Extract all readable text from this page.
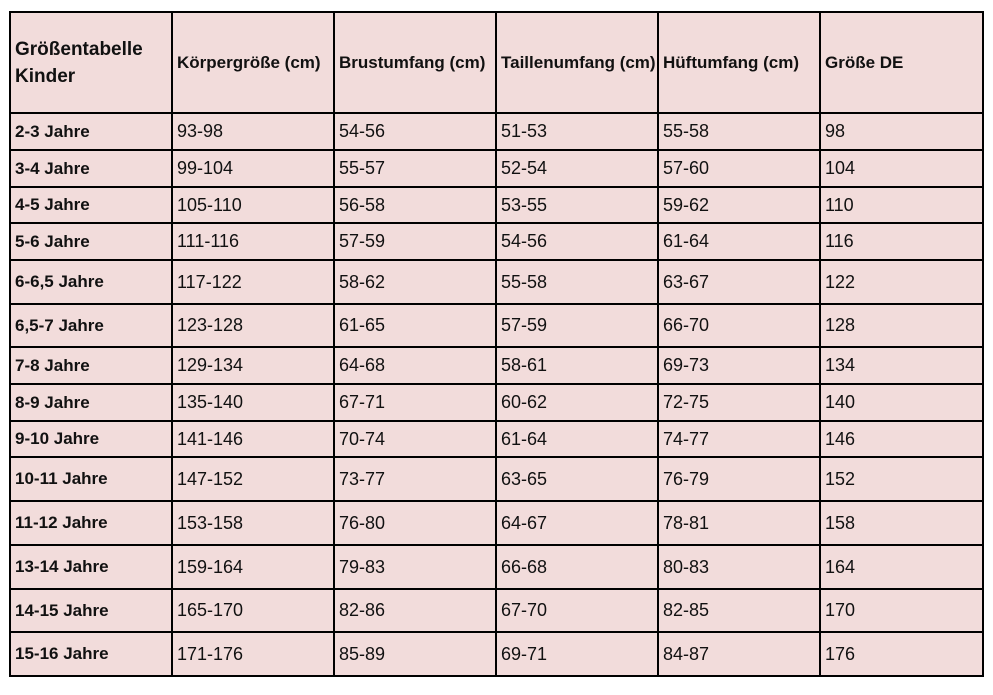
Größentabelle Kinder	Körpergröße (cm)	Brustumfang (cm)	Taillenumfang (cm)	Hüftumfang (cm)	Größe DE
2-3 Jahre	93-98	54-56	51-53	55-58	98
3-4 Jahre	99-104	55-57	52-54	57-60	104
4-5 Jahre	105-110	56-58	53-55	59-62	110
5-6 Jahre	111-116	57-59	54-56	61-64	116
6-6,5 Jahre	117-122	58-62	55-58	63-67	122
6,5-7 Jahre	123-128	61-65	57-59	66-70	128
7-8 Jahre	129-134	64-68	58-61	69-73	134
8-9 Jahre	135-140	67-71	60-62	72-75	140
9-10 Jahre	141-146	70-74	61-64	74-77	146
10-11 Jahre	147-152	73-77	63-65	76-79	152
11-12 Jahre	153-158	76-80	64-67	78-81	158
13-14 Jahre	159-164	79-83	66-68	80-83	164
14-15 Jahre	165-170	82-86	67-70	82-85	170
15-16 Jahre	171-176	85-89	69-71	84-87	176
